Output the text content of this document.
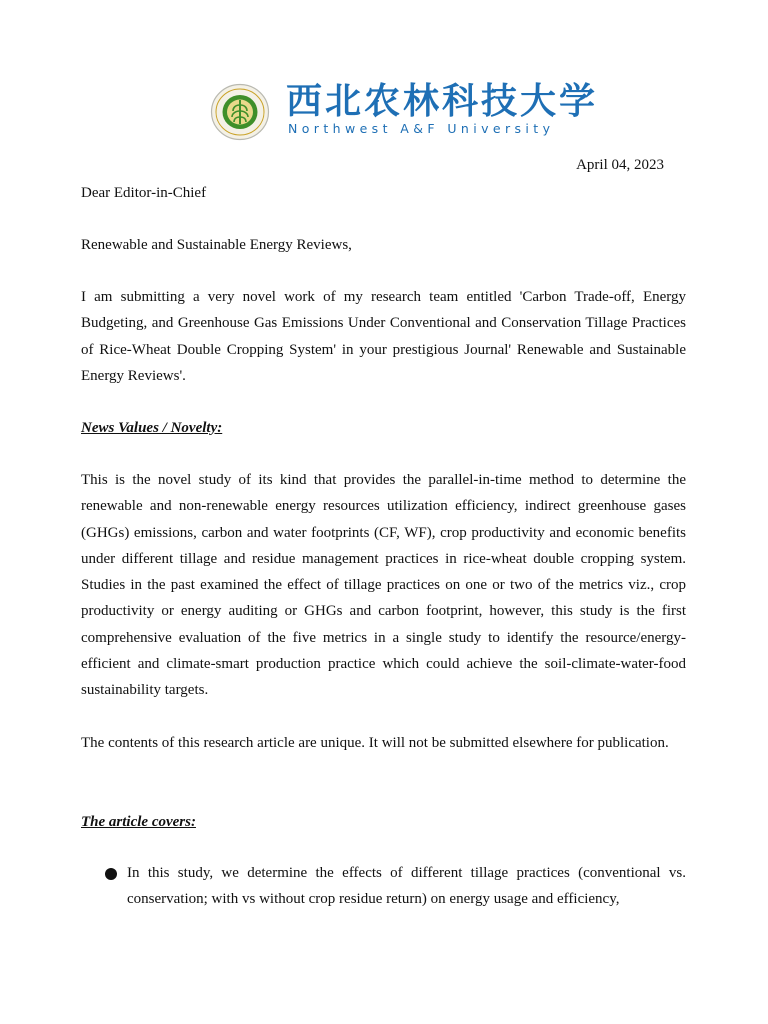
西北农林科技大学
Northwest A&F University
April 04, 2023

Dear Editor-in-Chief

Renewable and Sustainable Energy Reviews,

I am submitting a very novel work of my research team entitled 'Carbon Trade-off, Energy Budgeting, and Greenhouse Gas Emissions Under Conventional and Conservation Tillage Practices of Rice-Wheat Double Cropping System' in your prestigious Journal' Renewable and Sustainable Energy Reviews'.

News Values / Novelty:

This is the novel study of its kind that provides the parallel-in-time method to determine the renewable and non-renewable energy resources utilization efficiency, indirect greenhouse gases (GHGs) emissions, carbon and water footprints (CF, WF), crop productivity and economic benefits under different tillage and residue management practices in rice-wheat double cropping system. Studies in the past examined the effect of tillage practices on one or two of the metrics viz., crop productivity or energy auditing or GHGs and carbon footprint, however, this study is the first comprehensive evaluation of the five metrics in a single study to identify the resource/energy-efficient and climate-smart production practice which could achieve the soil-climate-water-food sustainability targets.

The contents of this research article are unique. It will not be submitted elsewhere for publication.

The article covers:

In this study, we determine the effects of different tillage practices (conventional vs. conservation; with vs without crop residue return) on energy usage and efficiency,
